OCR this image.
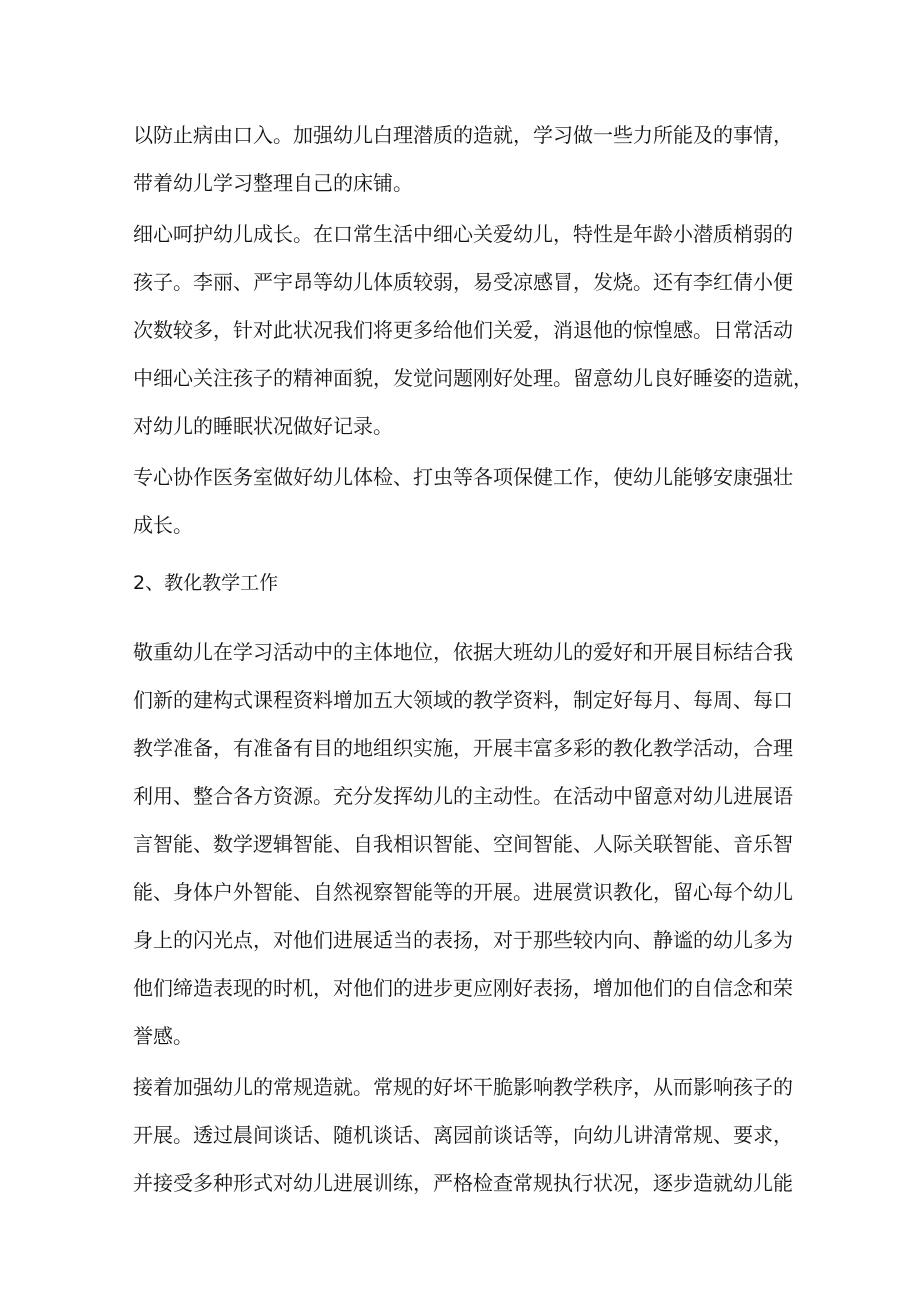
以防止病由口入。加强幼儿白理潜质的造就，学习做一些力所能及的事情，
带着幼儿学习整理自己的床铺。
细心呵护幼儿成长。在口常生活中细心关爱幼儿，特性是年龄小潜质梢弱的
孩子。李丽、严宇昂等幼儿体质较弱，易受凉感冒，发烧。还有李红倩小便
次数较多，针对此状况我们将更多给他们关爱，消退他的惊惶感。日常活动
中细心关注孩子的精神面貌，发觉问题刚好处理。留意幼儿良好睡姿的造就，
对幼儿的睡眠状况做好记录。
专心协作医务室做好幼儿体检、打虫等各项保健工作，使幼儿能够安康强壮
成长。
2、教化教学工作
敬重幼儿在学习活动中的主体地位，依据大班幼儿的爱好和开展目标结合我
们新的建构式课程资料增加五大领域的教学资料，制定好每月、每周、每口
教学准备，有准备有目的地组织实施，开展丰富多彩的教化教学活动，合理
利用、整合各方资源。充分发挥幼儿的主动性。在活动中留意对幼儿进展语
言智能、数学逻辑智能、自我相识智能、空间智能、人际关联智能、音乐智
能、身体户外智能、自然视察智能等的开展。进展赏识教化，留心每个幼儿
身上的闪光点，对他们进展适当的表扬，对于那些较内向、静谧的幼儿多为
他们缔造表现的时机，对他们的进步更应刚好表扬，增加他们的自信念和荣
誉感。
接着加强幼儿的常规造就。常规的好坏干脆影响教学秩序，从而影响孩子的
开展。透过晨间谈话、随机谈话、离园前谈话等，向幼儿讲清常规、要求，
并接受多种形式对幼儿进展训练，严格检查常规执行状况，逐步造就幼儿能
